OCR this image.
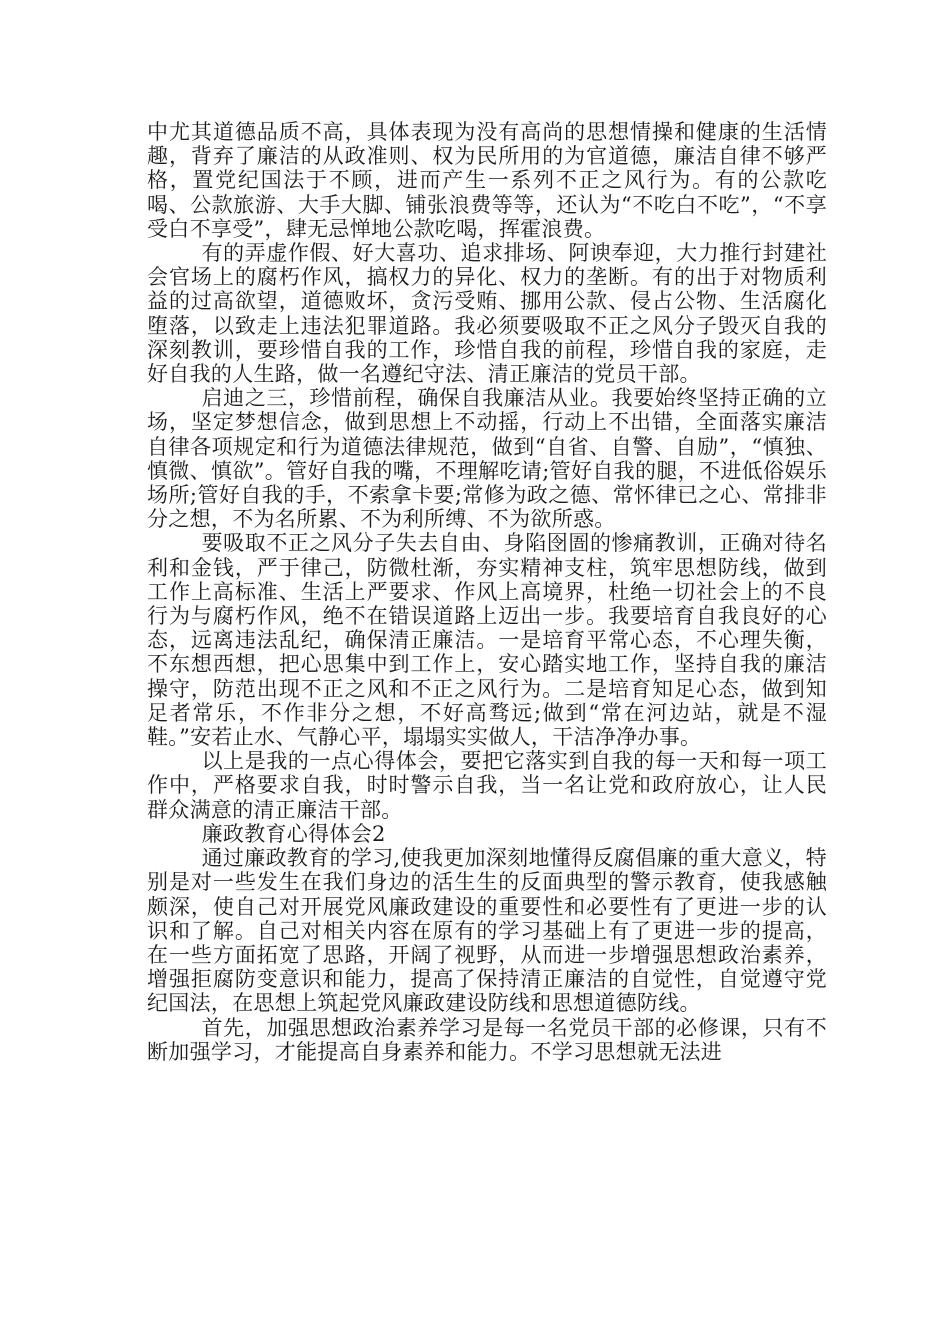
中尤其道德品质不高，具体表现为没有高尚的思想情操和健康的生活情趣，背弃了廉洁的从政准则、权为民所用的为官道德，廉洁自律不够严格，置党纪国法于不顾，进而产生一系列不正之风行为。有的公款吃喝、公款旅游、大手大脚、铺张浪费等等，还认为“不吃白不吃”，“不享受白不享受”，肆无忌惮地公款吃喝，挥霍浪费。

有的弄虚作假、好大喜功、追求排场、阿谀奉迎，大力推行封建社会官场上的腐朽作风，搞权力的异化、权力的垄断。有的出于对物质利益的过高欲望，道德败坏，贪污受贿、挪用公款、侵占公物、生活腐化堕落，以致走上违法犯罪道路。我必须要吸取不正之风分子毁灭自我的深刻教训，要珍惜自我的工作，珍惜自我的前程，珍惜自我的家庭，走好自我的人生路，做一名遵纪守法、清正廉洁的党员干部。

启迪之三，珍惜前程，确保自我廉洁从业。我要始终坚持正确的立场，坚定梦想信念，做到思想上不动摇，行动上不出错，全面落实廉洁自律各项规定和行为道德法律规范，做到“自省、自警、自励”，“慎独、慎微、慎欲”。管好自我的嘴，不理解吃请;管好自我的腿，不进低俗娱乐场所;管好自我的手，不索拿卡要;常修为政之德、常怀律已之心、常排非分之想，不为名所累、不为利所缚、不为欲所惑。

要吸取不正之风分子失去自由、身陷囹圄的惨痛教训，正确对待名利和金钱，严于律己，防微杜渐，夯实精神支柱，筑牢思想防线，做到工作上高标准、生活上严要求、作风上高境界，杜绝一切社会上的不良行为与腐朽作风，绝不在错误道路上迈出一步。我要培育自我良好的心态，远离违法乱纪，确保清正廉洁。一是培育平常心态，不心理失衡，不东想西想，把心思集中到工作上，安心踏实地工作，坚持自我的廉洁操守，防范出现不正之风和不正之风行为。二是培育知足心态，做到知足者常乐，不作非分之想，不好高骛远;做到“常在河边站，就是不湿鞋。”安若止水、气静心平，塌塌实实做人，干洁净净办事。

以上是我的一点心得体会，要把它落实到自我的每一天和每一项工作中，严格要求自我，时时警示自我，当一名让党和政府放心，让人民群众满意的清正廉洁干部。

廉政教育心得体会2

通过廉政教育的学习,使我更加深刻地懂得反腐倡廉的重大意义，特别是对一些发生在我们身边的活生生的反面典型的警示教育，使我感触颇深，使自己对开展党风廉政建设的重要性和必要性有了更进一步的认识和了解。自己对相关内容在原有的学习基础上有了更进一步的提高，在一些方面拓宽了思路，开阔了视野，从而进一步增强思想政治素养，增强拒腐防变意识和能力，提高了保持清正廉洁的自觉性，自觉遵守党纪国法，在思想上筑起党风廉政建设防线和思想道德防线。

首先，加强思想政治素养学习是每一名党员干部的必修课，只有不断加强学习，才能提高自身素养和能力。不学习思想就无法进
